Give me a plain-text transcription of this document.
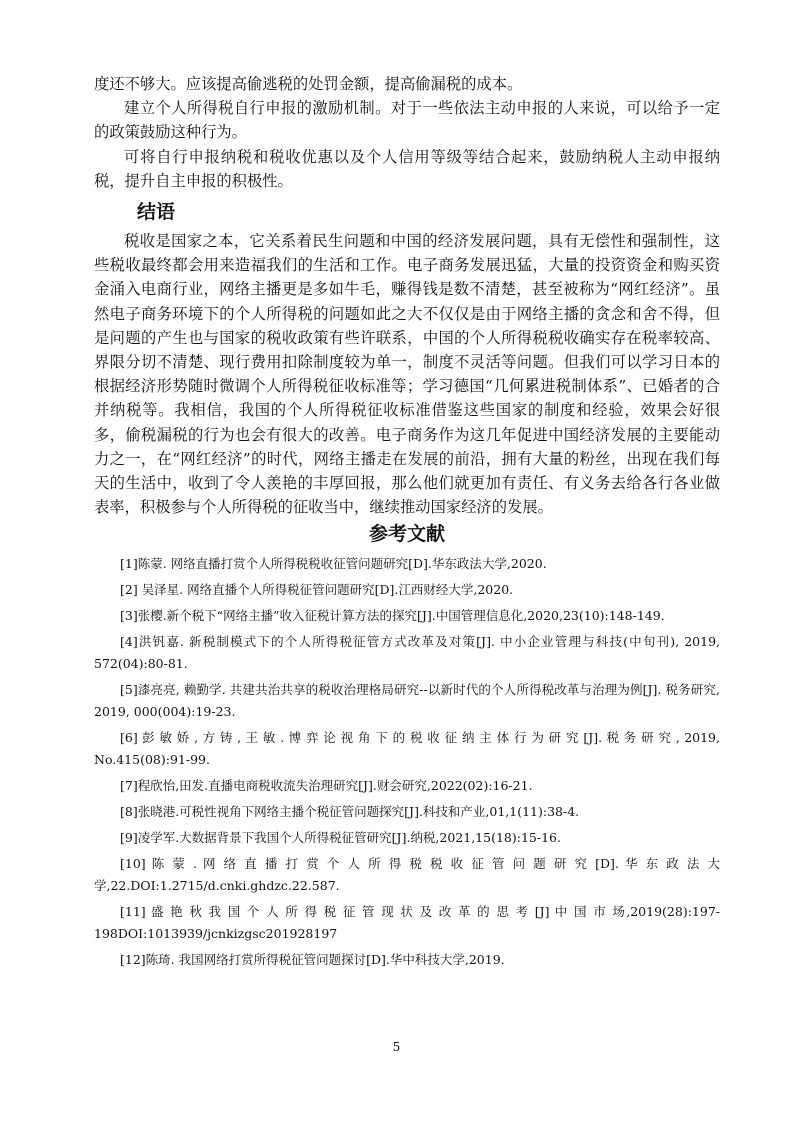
度还不够大。应该提高偷逃税的处罚金额，提高偷漏税的成本。

建立个人所得税自行申报的激励机制。对于一些依法主动申报的人来说，可以给予一定的政策鼓励这种行为。

可将自行申报纳税和税收优惠以及个人信用等级等结合起来，鼓励纳税人主动申报纳税，提升自主申报的积极性。

结语

税收是国家之本，它关系着民生问题和中国的经济发展问题，具有无偿性和强制性，这些税收最终都会用来造福我们的生活和工作。电子商务发展迅猛，大量的投资资金和购买资金涌入电商行业，网络主播更是多如牛毛，赚得钱是数不清楚，甚至被称为“网红经济”。虽然电子商务环境下的个人所得税的问题如此之大不仅仅是由于网络主播的贪念和舍不得，但是问题的产生也与国家的税收政策有些许联系，中国的个人所得税税收确实存在税率较高、界限分切不清楚、现行费用扣除制度较为单一，制度不灵活等问题。但我们可以学习日本的根据经济形势随时微调个人所得税征收标准等；学习德国“几何累进税制体系”、已婚者的合并纳税等。我相信，我国的个人所得税征收标准借鉴这些国家的制度和经验，效果会好很多，偷税漏税的行为也会有很大的改善。电子商务作为这几年促进中国经济发展的主要能动力之一，在“网红经济”的时代，网络主播走在发展的前沿，拥有大量的粉丝，出现在我们每天的生活中，收到了令人羡艳的丰厚回报，那么他们就更加有责任、有义务去给各行各业做表率，积极参与个人所得税的征收当中，继续推动国家经济的发展。

参考文献

[1]陈蒙. 网络直播打赏个人所得税税收征管问题研究[D].华东政法大学,2020.

[2] 吴泽星. 网络直播个人所得税征管问题研究[D].江西财经大学,2020.

[3]张樱.新个税下“网络主播”收入征税计算方法的探究[J].中国管理信息化,2020,23(10):148-149.

[4]洪钒嘉. 新税制模式下的个人所得税征管方式改革及对策[J]. 中小企业管理与科技(中旬刊), 2019, 572(04):80-81.

[5]漆亮亮, 赖勤学. 共建共治共享的税收治理格局研究--以新时代的个人所得税改革与治理为例[J]. 税务研究, 2019, 000(004):19-23.

[6] 彭 敏 娇 , 方 铸 , 王 敏 . 博 弈 论 视 角 下 的 税 收 征 纳 主 体 行 为 研 究 [J]. 税 务 研 究 , 2019, No.415(08):91-99.

[7]程欣怡,田发.直播电商税收流失治理研究[J].财会研究,2022(02):16-21.

[8]张晓港.可税性视角下网络主播个税征管问题探究[J].科技和产业,01,1(11):38-4.

[9]凌学军.大数据背景下我国个人所得税征管研究[J].纳税,2021,15(18):15-16.

[10] 陈 蒙 . 网 络 直 播 打 赏 个 人 所 得 税 税 收 征 管 问 题 研 究 [D]. 华 东 政 法 大 学,22.DOI:1.2715/d.cnki.ghdzc.22.587.

[11] 盛 艳 秋 我 国 个 人 所 得 税 征 管 现 状 及 改 革 的 思 考 [J] 中 国 市 场,2019(28):197-198DOI:1013939/jcnkizgsc201928197

[12]陈琦. 我国网络打赏所得税征管问题探讨[D].华中科技大学,2019.

5
